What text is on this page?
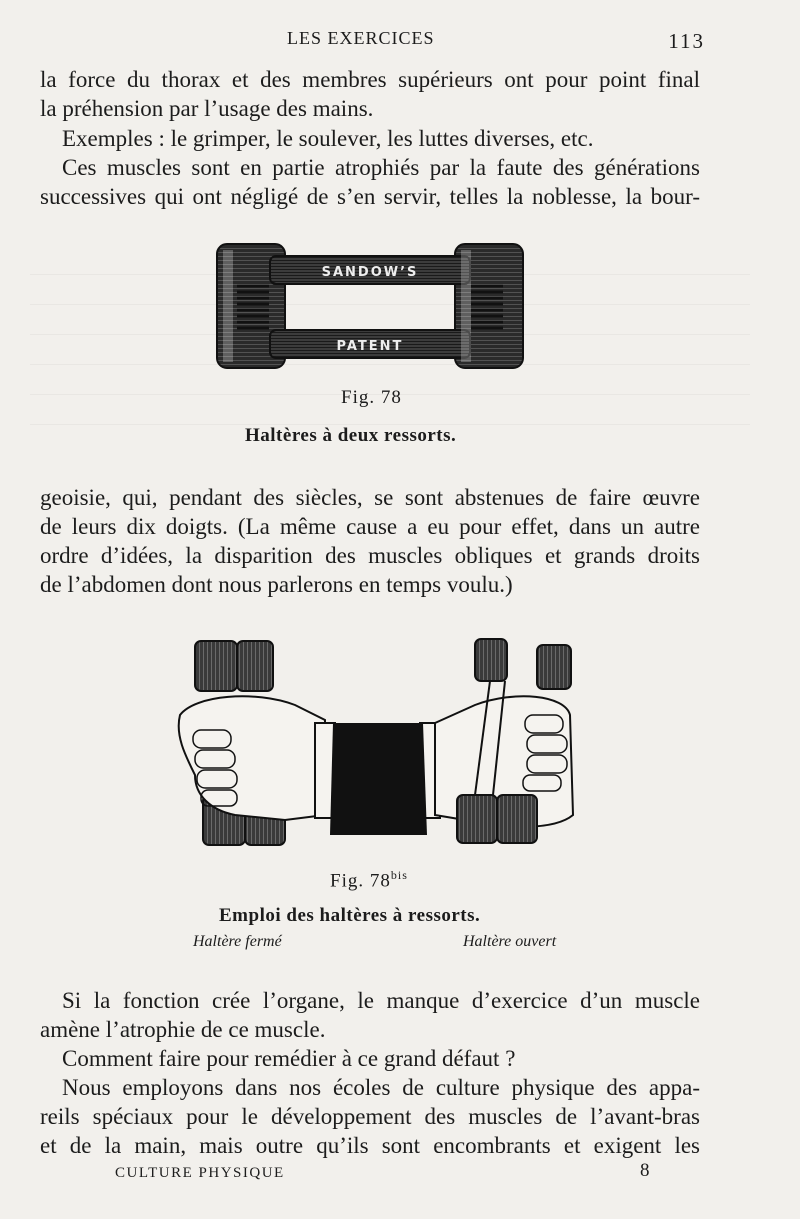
LES EXERCICES	113
la force du thorax et des membres supérieurs ont pour point final
la préhension par l’usage des mains.
Exemples : le grimper, le soulever, les luttes diverses, etc.
Ces muscles sont en partie atrophiés par la faute des générations
successives qui ont négligé de s’en servir, telles la noblesse, la bour-
SANDOW’S
PATENT
Fig. 78
Haltères à deux ressorts.
geoisie, qui, pendant des siècles, se sont abstenues de faire œuvre
de leurs dix doigts. (La même cause a eu pour effet, dans un autre
ordre d’idées, la disparition des muscles obliques et grands droits
de l’abdomen dont nous parlerons en temps voulu.)
Fig. $78^{bis}$
Emploi des haltères à ressorts.
Haltère fermé	Haltère ouvert
Si la fonction crée l’organe, le manque d’exercice d’un muscle
amène l’atrophie de ce muscle.
Comment faire pour remédier à ce grand défaut ?
Nous employons dans nos écoles de culture physique des appa-
reils spéciaux pour le développement des muscles de l’avant-bras
et de la main, mais outre qu’ils sont encombrants et exigent les
CULTURE PHYSIQUE	8
